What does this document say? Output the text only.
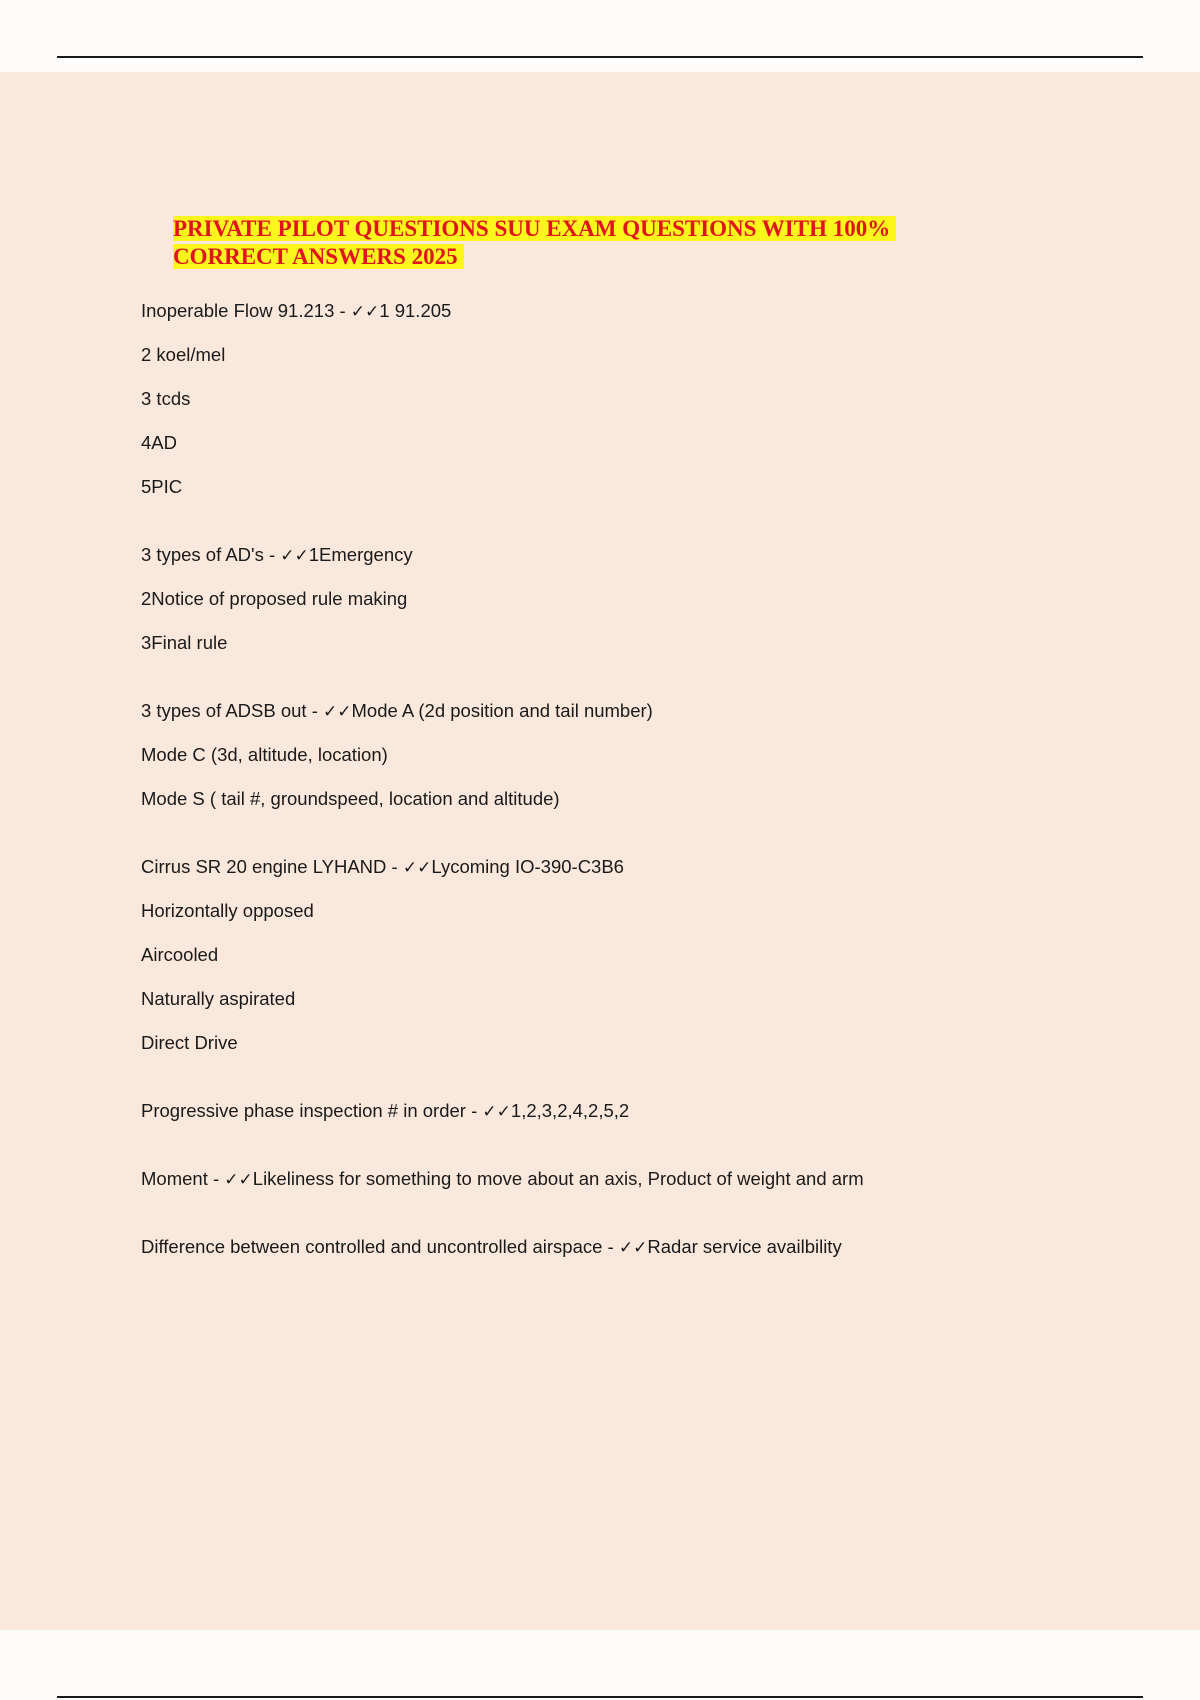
PRIVATE PILOT QUESTIONS SUU EXAM QUESTIONS WITH 100%
CORRECT ANSWERS 2025
Inoperable Flow 91.213 - ✓✓1 91.205
2 koel/mel
3 tcds
4AD
5PIC
3 types of AD's - ✓✓1Emergency
2Notice of proposed rule making
3Final rule
3 types of ADSB out - ✓✓Mode A (2d position and tail number)
Mode C (3d, altitude, location)
Mode S ( tail #, groundspeed, location and altitude)
Cirrus SR 20 engine LYHAND - ✓✓Lycoming IO-390-C3B6
Horizontally opposed
Aircooled
Naturally aspirated
Direct Drive
Progressive phase inspection # in order - ✓✓1,2,3,2,4,2,5,2
Moment - ✓✓Likeliness for something to move about an axis, Product of weight and arm
Difference between controlled and uncontrolled airspace - ✓✓Radar service availbility
